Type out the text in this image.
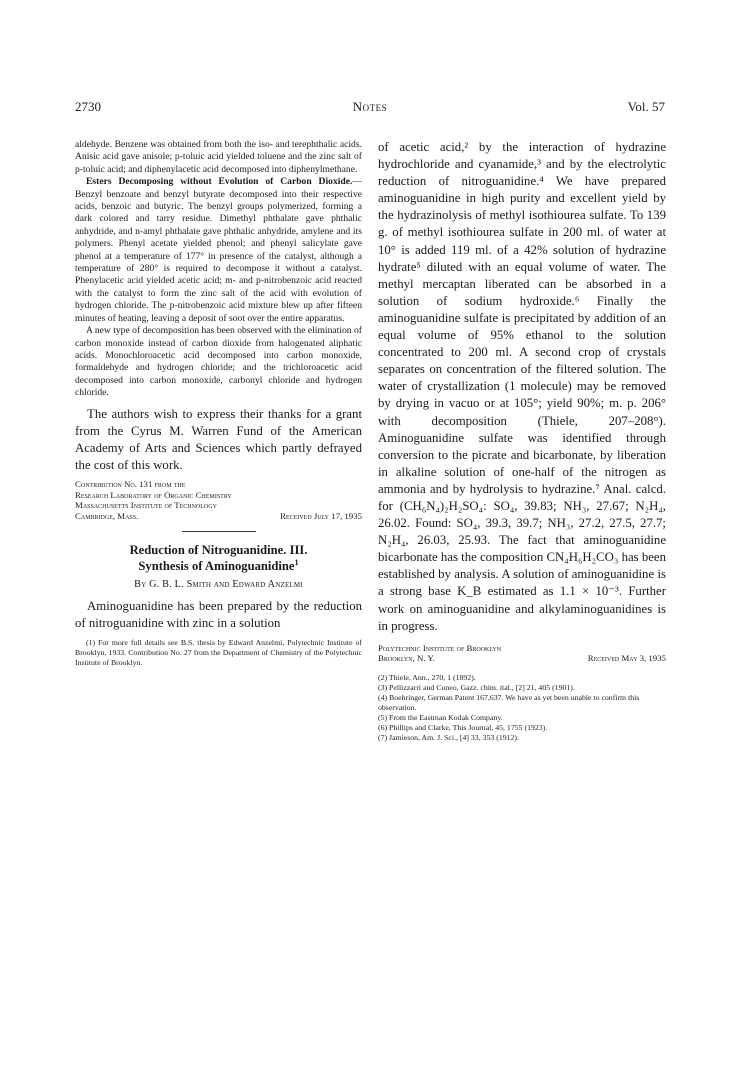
2730	Notes	Vol. 57

aldehyde. Benzene was obtained from both the iso- and terephthalic acids. Anisic acid gave anisole; p-toluic acid yielded toluene and the zinc salt of p-toluic acid; and diphenylacetic acid decomposed into diphenylmethane.

Esters Decomposing without Evolution of Carbon Dioxide.—Benzyl benzoate and benzyl butyrate decomposed into their respective acids, benzoic and butyric. The benzyl groups polymerized, forming a dark colored and tarry residue. Dimethyl phthalate gave phthalic anhydride, and n-amyl phthalate gave phthalic anhydride, amylene and its polymers. Phenyl acetate yielded phenol; and phenyl salicylate gave phenol at a temperature of 177° in presence of the catalyst, although a temperature of 280° is required to decompose it without a catalyst. Phenylacetic acid yielded acetic acid; m- and p-nitrobenzoic acid reacted with the catalyst to form the zinc salt of the acid with evolution of hydrogen chloride. The p-nitrobenzoic acid mixture blew up after fifteen minutes of heating, leaving a deposit of soot over the entire apparatus.

A new type of decomposition has been observed with the elimination of carbon monoxide instead of carbon dioxide from halogenated aliphatic acids. Monochloroacetic acid decomposed into carbon monoxide, formaldehyde and hydrogen chloride; and the trichloroacetic acid decomposed into carbon monoxide, carbonyl chloride and hydrogen chloride.

The authors wish to express their thanks for a grant from the Cyrus M. Warren Fund of the American Academy of Arts and Sciences which partly defrayed the cost of this work.

Contribution No. 131 from the
Research Laboratory of Organic Chemistry
Massachusetts Institute of Technology
Cambridge, Mass.	Received July 17, 1935
Reduction of Nitroguanidine. III.
Synthesis of Aminoguanidine$^1$
By G. B. L. Smith and Edward Anzelmi

Aminoguanidine has been prepared by the reduction of nitroguanidine with zinc in a solution

(1) For more full details see B.S. thesis by Edward Anzelmi, Polytechnic Institute of Brooklyn, 1933. Contribution No. 27 from the Department of Chemistry of the Polytechnic Institute of Brooklyn.

of acetic acid,² by the interaction of hydrazine hydrochloride and cyanamide,³ and by the electrolytic reduction of nitroguanidine.⁴ We have prepared aminoguanidine in high purity and excellent yield by the hydrazinolysis of methyl isothiourea sulfate. To 139 g. of methyl isothiourea sulfate in 200 ml. of water at 10° is added 119 ml. of a 42% solution of hydrazine hydrate⁵ diluted with an equal volume of water. The methyl mercaptan liberated can be absorbed in a solution of sodium hydroxide.⁶ Finally the aminoguanidine sulfate is precipitated by addition of an equal volume of 95% ethanol to the solution concentrated to 200 ml. A second crop of crystals separates on concentration of the filtered solution. The water of crystallization (1 molecule) may be removed by drying in vacuo or at 105°; yield 90%; m. p. 206° with decomposition (Thiele, 207–208°). Aminoguanidine sulfate was identified through conversion to the picrate and bicarbonate, by liberation in alkaline solution of one-half of the nitrogen as ammonia and by hydrolysis to hydrazine.⁷ Anal. calcd. for (CH₆N₄)₂H₂SO₄: SO₄, 39.83; NH₃, 27.67; N₂H₄, 26.02. Found: SO₄, 39.3, 39.7; NH₃, 27.2, 27.5, 27.7; N₂H₄, 26.03, 25.93. The fact that aminoguanidine bicarbonate has the composition CN₄H₆H₂CO₃ has been established by analysis. A solution of aminoguanidine is a strong base K_B estimated as 1.1 × 10⁻³. Further work on aminoguanidine and alkylaminoguanidines is in progress.

Polytechnic Institute of Brooklyn
Brooklyn, N. Y.	Received May 3, 1935

(2) Thiele, Ann., 270, 1 (1892).

(3) Pellizzarri and Cuneo, Gazz. chim. ital., [2] 21, 405 (1901).

(4) Boehringer, German Patent 167,637. We have as yet been unable to confirm this observation.

(5) From the Eastman Kodak Company.

(6) Phillips and Clarke, This Journal, 45, 1755 (1923).

(7) Jamieson, Am. J. Sci., [4] 33, 353 (1912).
